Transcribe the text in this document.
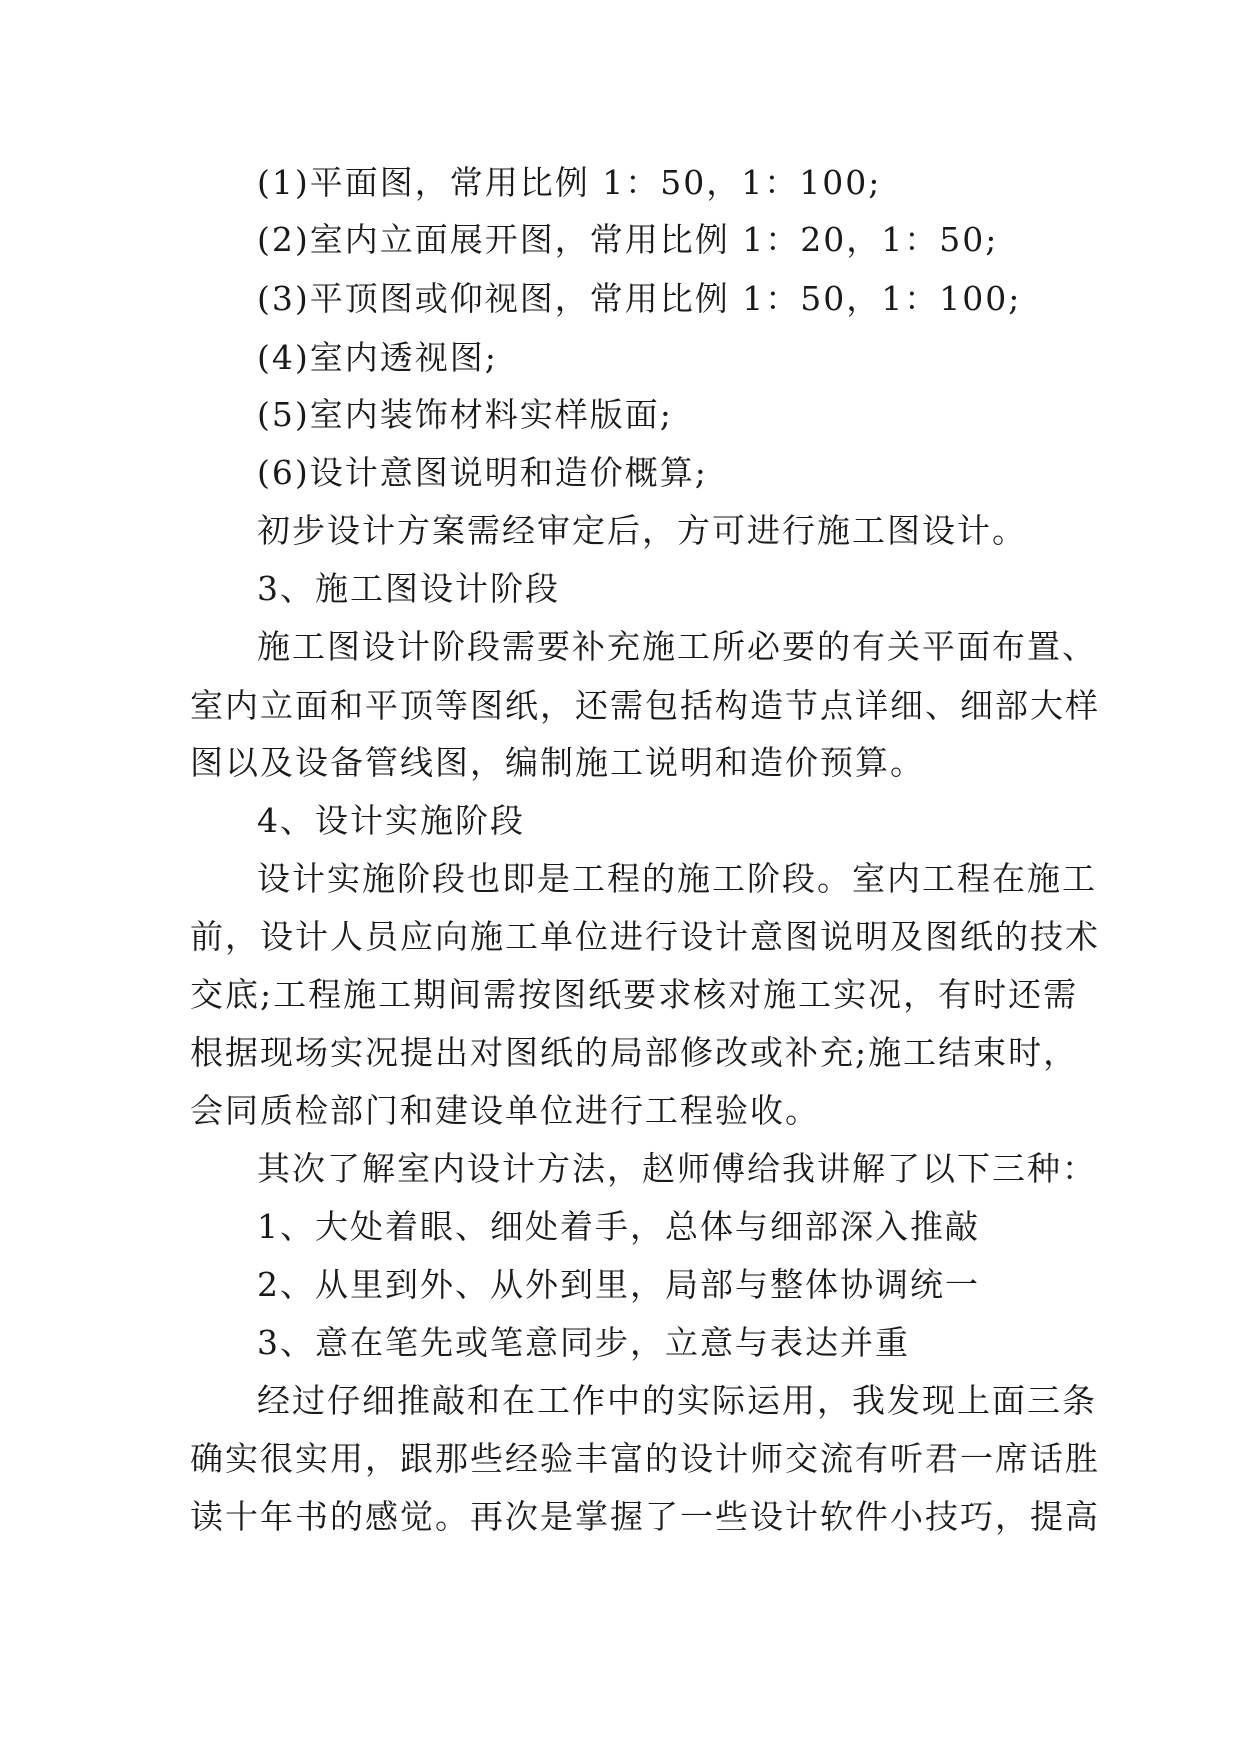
(1)平面图，常用比例 1：50，1：100;
(2)室内立面展开图，常用比例 1：20，1：50;
(3)平顶图或仰视图，常用比例 1：50，1：100;
(4)室内透视图;
(5)室内装饰材料实样版面;
(6)设计意图说明和造价概算;
初步设计方案需经审定后，方可进行施工图设计。
3、施工图设计阶段
施工图设计阶段需要补充施工所必要的有关平面布置、
室内立面和平顶等图纸，还需包括构造节点详细、细部大样
图以及设备管线图，编制施工说明和造价预算。
4、设计实施阶段
设计实施阶段也即是工程的施工阶段。室内工程在施工
前，设计人员应向施工单位进行设计意图说明及图纸的技术
交底;工程施工期间需按图纸要求核对施工实况，有时还需
根据现场实况提出对图纸的局部修改或补充;施工结束时，
会同质检部门和建设单位进行工程验收。
其次了解室内设计方法，赵师傅给我讲解了以下三种：
1、大处着眼、细处着手，总体与细部深入推敲
2、从里到外、从外到里，局部与整体协调统一
3、意在笔先或笔意同步，立意与表达并重
经过仔细推敲和在工作中的实际运用，我发现上面三条
确实很实用，跟那些经验丰富的设计师交流有听君一席话胜
读十年书的感觉。再次是掌握了一些设计软件小技巧，提高
